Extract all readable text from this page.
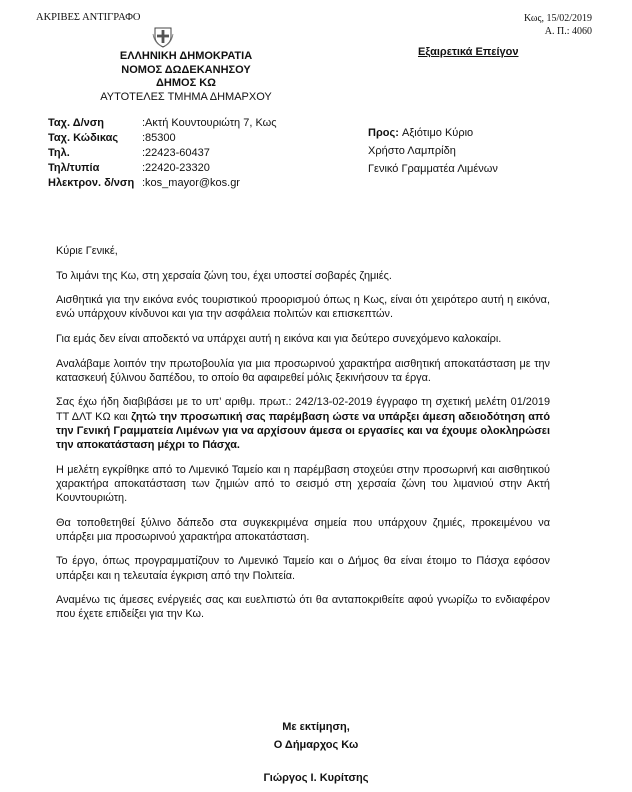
ΑΚΡΙΒΕΣ ΑΝΤΙΓΡΑΦΟ	Κως, 15/02/2019
Α. Π.: 4060
Εξαιρετικά Επείγον
ΕΛΛΗΝΙΚΗ ΔΗΜΟΚΡΑΤΙΑ
ΝΟΜΟΣ ΔΩΔΕΚΑΝΗΣΟΥ
ΔΗΜΟΣ ΚΩ
ΑΥΤΟΤΕΛΕΣ ΤΜΗΜΑ ΔΗΜΑΡΧΟΥ
Ταχ. Δ/νση	:Ακτή Κουντουριώτη 7, Κως
Ταχ. Κώδικας	:85300
Τηλ.	:22423-60437
Τηλ/τυπία	:22420-23320
Ηλεκτρον. δ/νση :kos_mayor@kos.gr
Προς: Αξιότιμο Κύριο
Χρήστο Λαμπρίδη
Γενικό Γραμματέα Λιμένων

Κύριε Γενικέ,

Το λιμάνι της Κω, στη χερσαία ζώνη του, έχει υποστεί σοβαρές ζημιές.

Αισθητικά για την εικόνα ενός τουριστικού προορισμού όπως η Κως, είναι ότι χειρότερο αυτή η εικόνα, ενώ υπάρχουν κίνδυνοι και για την ασφάλεια πολιτών και επισκεπτών.

Για εμάς δεν είναι αποδεκτό να υπάρχει αυτή η εικόνα και για δεύτερο συνεχόμενο καλοκαίρι.

Αναλάβαμε λοιπόν την πρωτοβουλία για μια προσωρινού χαρακτήρα αισθητική αποκατάσταση με την κατασκευή ξύλινου δαπέδου, το οποίο θα αφαιρεθεί μόλις ξεκινήσουν τα έργα.

Σας έχω ήδη διαβιβάσει με το υπ’ αριθμ. πρωτ.: 242/13-02-2019 έγγραφο τη σχετική μελέτη 01/2019 ΤΤ ΔΛΤ ΚΩ και ζητώ την προσωπική σας παρέμβαση ώστε να υπάρξει άμεση αδειοδότηση από την Γενική Γραμματεία Λιμένων για να αρχίσουν άμεσα οι εργασίες και να έχουμε ολοκληρώσει την αποκατάσταση μέχρι το Πάσχα.

Η μελέτη εγκρίθηκε από το Λιμενικό Ταμείο και η παρέμβαση στοχεύει στην προσωρινή και αισθητικού χαρακτήρα αποκατάσταση των ζημιών από το σεισμό στη χερσαία ζώνη του λιμανιού στην Ακτή Κουντουριώτη.

Θα τοποθετηθεί ξύλινο δάπεδο στα συγκεκριμένα σημεία που υπάρχουν ζημιές, προκειμένου να υπάρξει μια προσωρινού χαρακτήρα αποκατάσταση.

Το έργο, όπως προγραμματίζουν το Λιμενικό Ταμείο και ο Δήμος θα είναι έτοιμο το Πάσχα εφόσον υπάρξει και η τελευταία έγκριση από την Πολιτεία.

Αναμένω τις άμεσες ενέργειές σας και ευελπιστώ ότι θα ανταποκριθείτε αφού γνωρίζω το ενδιαφέρον που έχετε επιδείξει για την Κω.

Με εκτίμηση,
Ο Δήμαρχος Κω
Γιώργος Ι. Κυρίτσης
